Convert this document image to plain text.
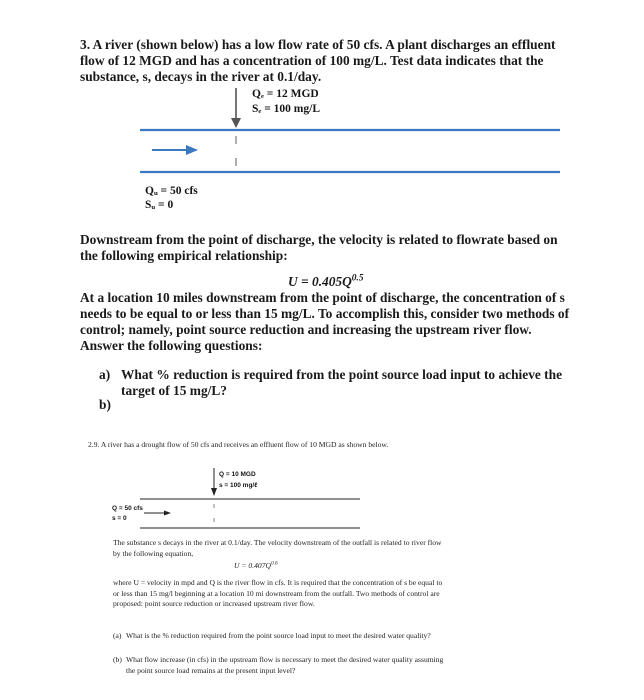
3. A river (shown below) has a low flow rate of 50 cfs. A plant discharges an effluent flow of 12 MGD and has a concentration of 100 mg/L. Test data indicates that the substance, s, decays in the river at 0.1/day.
Qₑ = 12 MGD
Sₑ = 100 mg/L
Qᵤ = 50 cfs
Sᵤ = 0
Downstream from the point of discharge, the velocity is related to flowrate based on the following empirical relationship:
$U = 0.405Q^{0.5}$
At a location 10 miles downstream from the point of discharge, the concentration of s needs to be equal to or less than 15 mg/L. To accomplish this, consider two methods of control; namely, point source reduction and increasing the upstream river flow. Answer the following questions:
a) What % reduction is required from the point source load input to achieve the target of 15 mg/L?
b)
2.9. A river has a drought flow of 50 cfs and receives an effluent flow of 10 MGD as shown below.
Q = 10 MGD
s = 100 mg/ℓ
Q = 50 cfs
s = 0
The substance s decays in the river at 0.1/day. The velocity downstream of the outfall is related to river flow by the following equation,
$U = 0.407Q^{0.6}$
where U = velocity in mpd and Q is the river flow in cfs. It is required that the concentration of s be equal to or less than 15 mg/l beginning at a location 10 mi downstream from the outfall. Two methods of control are proposed: point source reduction or increased upstream river flow.
(a) What is the % reduction required from the point source load input to meet the desired water quality?
(b) What flow increase (in cfs) in the upstream flow is necessary to meet the desired water quality assuming the point source load remains at the present input level?
